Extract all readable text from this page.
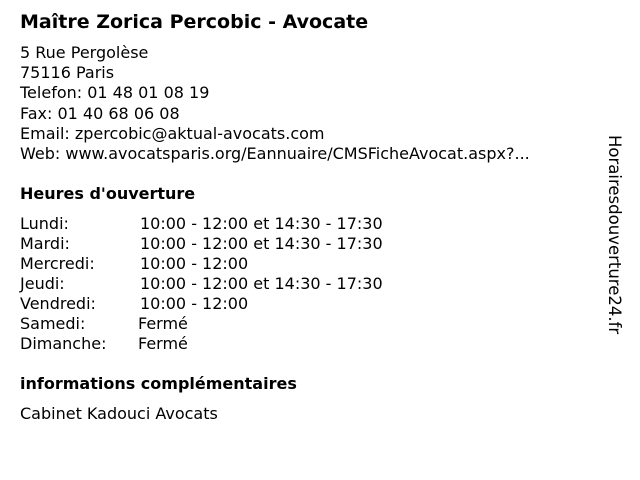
Maître Zorica Percobic - Avocate
5 Rue Pergolèse
75116 Paris
Telefon: 01 48 01 08 19
Fax: 01 40 68 06 08
Email: zpercobic@aktual-avocats.com
Web: www.avocatsparis.org/Eannuaire/CMSFicheAvocat.aspx?...
Heures d'ouverture
Lundi:	10:00 - 12:00 et 14:30 - 17:30
Mardi:	10:00 - 12:00 et 14:30 - 17:30
Mercredi:	10:00 - 12:00
Jeudi:	10:00 - 12:00 et 14:30 - 17:30
Vendredi:	10:00 - 12:00
Samedi:	Fermé
Dimanche: Fermé
informations complémentaires
Cabinet Kadouci Avocats
Horairesdouverture24.fr
